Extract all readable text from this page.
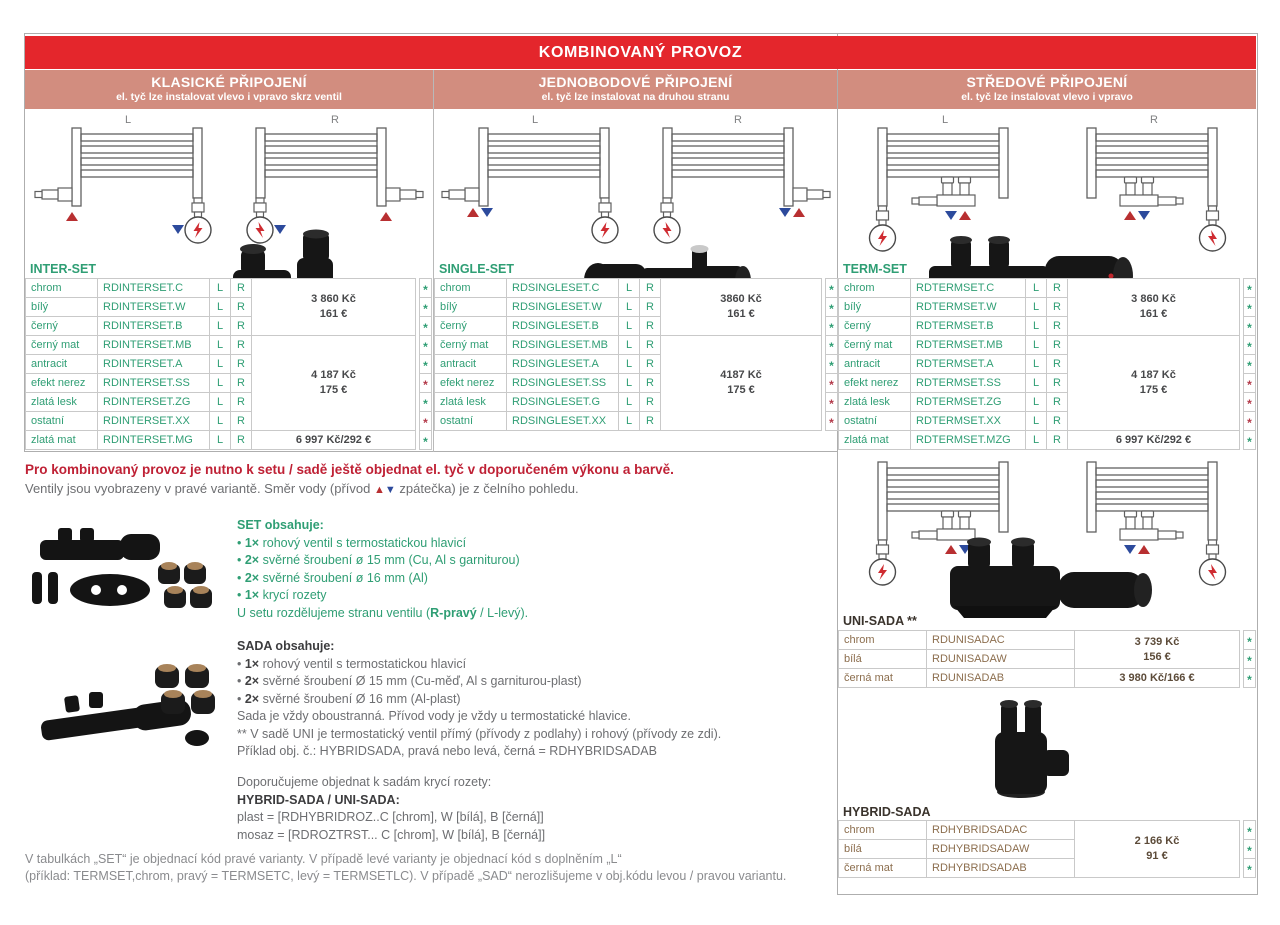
KOMBINOVANÝ PROVOZ
KLASICKÉ PŘIPOJENÍ
el. tyč lze instalovat vlevo i vpravo skrz ventil
JEDNOBODOVÉ PŘIPOJENÍ
el. tyč lze instalovat na druhou stranu
STŘEDOVÉ PŘIPOJENÍ
el. tyč lze instalovat vlevo i vpravo
L	R	L	R	L	R
INTER-SET
chrom	RDINTERSET.C	L	R	3 860 Kč
161 €
bílý	RDINTERSET.W	L	R	
černý	RDINTERSET.B	L	R	
černý mat	RDINTERSET.MB	L	R	4 187 Kč
175 €
antracit	RDINTERSET.A	L	R	
efekt nerez	RDINTERSET.SS	L	R	
zlatá lesk	RDINTERSET.ZG	L	R	
ostatní	RDINTERSET.XX	L	R	
zlatá mat	RDINTERSET.MG	L	R	6 997 Kč/292 €
*
*
*
*
*
*
*
*
*
SINGLE-SET
chrom	RDSINGLESET.C	L	R	3860 Kč
161 €
bílý	RDSINGLESET.W	L	R	
černý	RDSINGLESET.B	L	R	
černý mat	RDSINGLESET.MB	L	R	4187 Kč
175 €
antracit	RDSINGLESET.A	L	R	
efekt nerez	RDSINGLESET.SS	L	R	
zlatá lesk	RDSINGLESET.G	L	R	
ostatní	RDSINGLESET.XX	L	R	
*
*
*
*
*
*
*
*
TERM-SET
chrom	RDTERMSET.C	L	R	3 860 Kč
161 €
bílý	RDTERMSET.W	L	R	
černý	RDTERMSET.B	L	R	
černý mat	RDTERMSET.MB	L	R	4 187 Kč
175 €
antracit	RDTERMSET.A	L	R	
efekt nerez	RDTERMSET.SS	L	R	
zlatá lesk	RDTERMSET.ZG	L	R	
ostatní	RDTERMSET.XX	L	R	
zlatá mat	RDTERMSET.MZG	L	R	6 997 Kč/292 €
*
*
*
*
*
*
*
*
*
UNI-SADA **
chrom	RDUNISADAC	3 739 Kč
156 €
bílá	RDUNISADAW	
černá mat	RDUNISADAB	3 980 Kč/166 €
*
*
*
HYBRID-SADA
chrom	RDHYBRIDSADAC	2 166 Kč
91 €
bílá	RDHYBRIDSADAW	
černá mat	RDHYBRIDSADAB	
*
*
*
Pro kombinovaný provoz je nutno k setu / sadě ještě objednat el. tyč v doporučeném výkonu a barvě.
Ventily jsou vyobrazeny v pravé variantě. Směr vody (přívod ▲▼ zpátečka) je z čelního pohledu.
SET obsahuje:
• 1× rohový ventil s termostatickou hlavicí
• 2× svěrné šroubení ø 15 mm (Cu, Al s garniturou)
• 2× svěrné šroubení ø 16 mm (Al)
• 1× krycí rozety
U setu rozdělujeme stranu ventilu (R-pravý / L-levý).
SADA obsahuje:
• 1× rohový ventil s termostatickou hlavicí
• 2× svěrné šroubení Ø 15 mm (Cu-měď, Al s garniturou-plast)
• 2× svěrné šroubení Ø 16 mm (Al-plast)
Sada je vždy oboustranná. Přívod vody je vždy u termostatické hlavice.
** V sadě UNI je termostatický ventil přímý (přívody z podlahy) i rohový (přívody ze zdi).
Příklad obj. č.: HYBRIDSADA, pravá nebo levá, černá = RDHYBRIDSADAB
Doporučujeme objednat k sadám krycí rozety:
HYBRID-SADA / UNI-SADA:
plast = [RDHYBRIDROZ..C [chrom], W [bílá], B [černá]]
mosaz = [RDROZTRST... C [chrom], W [bílá], B [černá]]
V tabulkách „SET“ je objednací kód pravé varianty. V případě levé varianty je objednací kód s doplněním „L“
(příklad: TERMSET,chrom, pravý = TERMSETC, levý = TERMSETLC). V případě „SAD“ nerozlišujeme v obj.kódu levou / pravou variantu.
